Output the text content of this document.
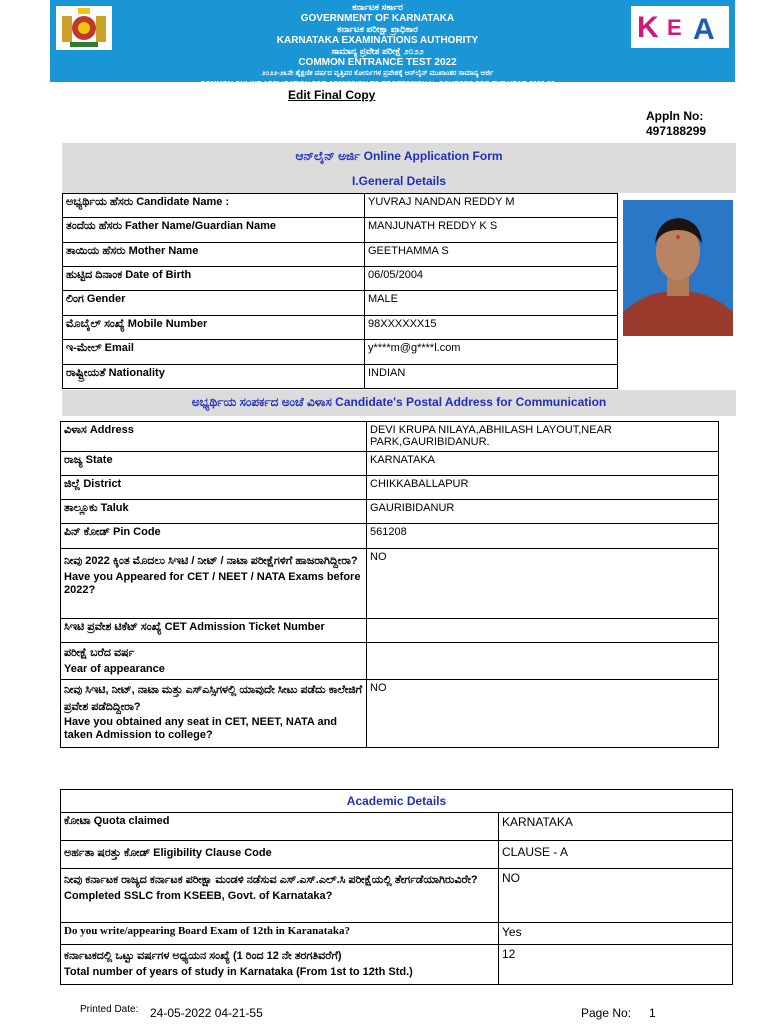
ಕರ್ನಾಟಕ ಸರ್ಕಾರ
GOVERNMENT OF KARNATAKA
ಕರ್ನಾಟಕ ಪರೀಕ್ಷಾ ಪ್ರಾಧಿಕಾರ
KARNATAKA EXAMINATIONS AUTHORITY
ಸಾಮಾನ್ಯ ಪ್ರವೇಶ ಪರೀಕ್ಷೆ ೨೦೨೨
COMMON ENTRANCE TEST 2022
೨೦೨೨-೨೩ನೇ ಶೈಕ್ಷಣಿಕ ವರ್ಷದ ವೃತ್ತಿಪರ ಕೋರ್ಸುಗಳ ಪ್ರವೇಶಕ್ಕೆ ಆನ್‌ಲೈನ್ ಮುಖಾಂತರ ಸಾಮಾನ್ಯ ಅರ್ಜಿ
COMMON ONLINE APPLICATION FOR ADMISSION TO PROFESSIONAL COURSES FOR THE YEAR 2022-23
K E A
Edit Final Copy
Appln No:
497188299
ಆನ್‌ಲೈನ್ ಅರ್ಜಿ Online Application Form
I.General Details
ಅಭ್ಯರ್ಥಿಯ ಹೆಸರು Candidate Name :	YUVRAJ NANDAN REDDY M
ತಂದೆಯ ಹೆಸರು Father Name/Guardian Name	MANJUNATH REDDY K S
ತಾಯಿಯ ಹೆಸರು Mother Name	GEETHAMMA S
ಹುಟ್ಟಿದ ದಿನಾಂಕ Date of Birth	06/05/2004
ಲಿಂಗ Gender	MALE
ಮೊಬೈಲ್ ಸಂಖ್ಯೆ Mobile Number	98XXXXXX15
ಇ-ಮೇಲ್ Email	y****m@g****l.com
ರಾಷ್ಟ್ರೀಯತೆ Nationality	INDIAN
ಅಭ್ಯರ್ಥಿಯ ಸಂಪರ್ಕದ ಅಂಚೆ ವಿಳಾಸ Candidate's Postal Address for Communication
ವಿಳಾಸ Address	DEVI KRUPA NILAYA,ABHILASH LAYOUT,NEAR PARK,GAURIBIDANUR.
ರಾಜ್ಯ State	KARNATAKA
ಜಿಲ್ಲೆ District	CHIKKABALLAPUR
ತಾಲ್ಲೂಕು Taluk	GAURIBIDANUR
ಪಿನ್ ಕೋಡ್ Pin Code	561208

ನೀವು 2022 ಕ್ಕಿಂತ ಮೊದಲು ಸಿಇಟಿ / ನೀಟ್ / ನಾಟಾ ಪರೀಕ್ಷೆಗಳಿಗೆ ಹಾಜರಾಗಿದ್ದೀರಾ?
Have you Appeared for CET / NEET / NATA Exams before 2022?	NO
ಸಿಇಟಿ ಪ್ರವೇಶ ಟಿಕೆಟ್ ಸಂಖ್ಯೆ CET Admission Ticket Number	

ಪರೀಕ್ಷೆ ಬರೆದ ವರ್ಷ
Year of appearance	

ನೀವು ಸಿಇಟಿ, ನೀಟ್, ನಾಟಾ ಮತ್ತು ಎಸ್‌ಎಸ್ಸಿಗಳಲ್ಲಿ ಯಾವುದೇ ಸೀಟು ಪಡೆದು ಕಾಲೇಜಿಗೆ ಪ್ರವೇಶ ಪಡೆದಿದ್ದೀರಾ?
Have you obtained any seat in CET, NEET, NATA and taken Admission to college?	NO
Academic Details
ಕೋಟಾ Quota claimed	KARNATAKA
ಅರ್ಹತಾ ಷರತ್ತು ಕೋಡ್ Eligibility Clause Code	CLAUSE - A

ನೀವು ಕರ್ನಾಟಕ ರಾಜ್ಯದ ಕರ್ನಾಟಕ ಪರೀಕ್ಷಾ ಮಂಡಳಿ ನಡೆಸುವ ಎಸ್.ಎಸ್.ಎಲ್.ಸಿ ಪರೀಕ್ಷೆಯಲ್ಲಿ ತೇರ್ಗಡೆಯಾಗಿರುವಿರೇ?
Completed SSLC from KSEEB, Govt. of Karnataka?	NO
Do you write/appearing Board Exam of 12th in Karanataka?	Yes

ಕರ್ನಾಟಕದಲ್ಲಿ ಒಟ್ಟು ವರ್ಷಗಳ ಅಧ್ಯಯನ ಸಂಖ್ಯೆ (1 ರಿಂದ 12 ನೇ ತರಗತಿವರೆಗೆ)
Total number of years of study in Karnataka (From 1st to 12th Std.)	12
Printed Date: 24-05-2022 04-21-55	Page No: 1
